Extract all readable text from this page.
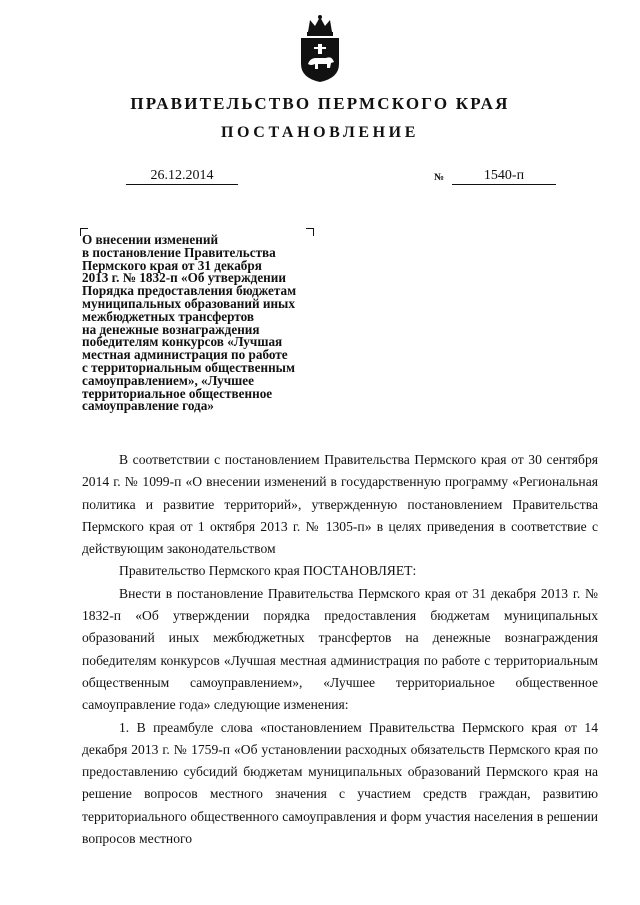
ПРАВИТЕЛЬСТВО ПЕРМСКОГО КРАЯ
ПОСТАНОВЛЕНИЕ
26.12.2014	№	1540-п
О внесении изменений
в постановление Правительства
Пермского края от 31 декабря
2013 г. № 1832-п «Об утверждении
Порядка предоставления бюджетам
муниципальных образований иных
межбюджетных трансфертов
на денежные вознаграждения
победителям конкурсов «Лучшая
местная администрация по работе
с территориальным общественным
самоуправлением», «Лучшее
территориальное общественное
самоуправление года»

В соответствии с постановлением Правительства Пермского края от 30 сентября 2014 г. № 1099-п «О внесении изменений в государственную программу «Региональная политика и развитие территорий», утвержденную постановлением Правительства Пермского края от 1 октября 2013 г. № 1305-п» в целях приведения в соответствие с действующим законодательством

Правительство Пермского края ПОСТАНОВЛЯЕТ:

Внести в постановление Правительства Пермского края от 31 декабря 2013 г. № 1832-п «Об утверждении порядка предоставления бюджетам муниципальных образований иных межбюджетных трансфертов на денежные вознаграждения победителям конкурсов «Лучшая местная администрация по работе с территориальным общественным самоуправлением», «Лучшее территориальное общественное самоуправление года» следующие изменения:

1. В преамбуле слова «постановлением Правительства Пермского края от 14 декабря 2013 г. № 1759-п «Об установлении расходных обязательств Пермского края по предоставлению субсидий бюджетам муниципальных образований Пермского края на решение вопросов местного значения с участием средств граждан, развитию территориального общественного самоуправления и форм участия населения в решении вопросов местного
